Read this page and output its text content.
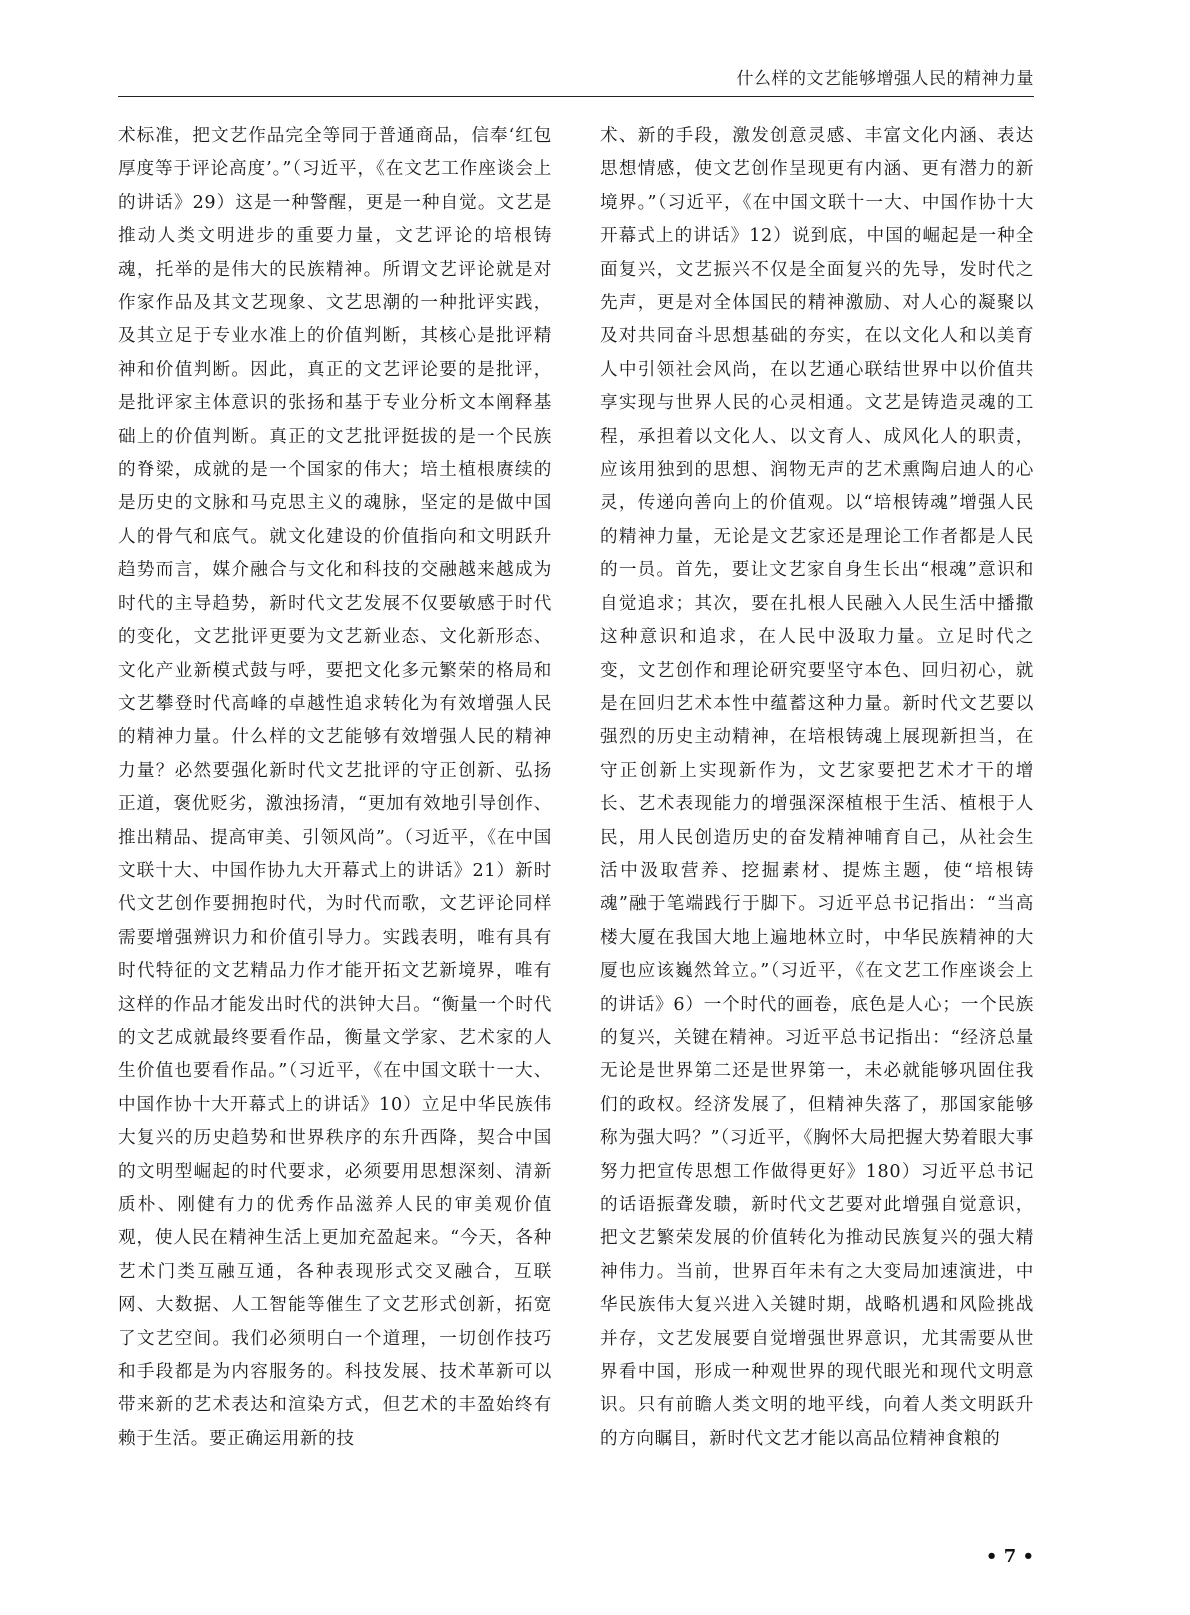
什么样的文艺能够增强人民的精神力量

术标准，把文艺作品完全等同于普通商品，信奉‘红包厚度等于评论高度’。”（习近平，《在文艺工作座谈会上的讲话》29）这是一种警醒，更是一种自觉。文艺是推动人类文明进步的重要力量，文艺评论的培根铸魂，托举的是伟大的民族精神。所谓文艺评论就是对作家作品及其文艺现象、文艺思潮的一种批评实践，及其立足于专业水准上的价值判断，其核心是批评精神和价值判断。因此，真正的文艺评论要的是批评，是批评家主体意识的张扬和基于专业分析文本阐释基础上的价值判断。真正的文艺批评挺拔的是一个民族的脊梁，成就的是一个国家的伟大；培土植根赓续的是历史的文脉和马克思主义的魂脉，坚定的是做中国人的骨气和底气。就文化建设的价值指向和文明跃升趋势而言，媒介融合与文化和科技的交融越来越成为时代的主导趋势，新时代文艺发展不仅要敏感于时代的变化，文艺批评更要为文艺新业态、文化新形态、文化产业新模式鼓与呼，要把文化多元繁荣的格局和文艺攀登时代高峰的卓越性追求转化为有效增强人民的精神力量。什么样的文艺能够有效增强人民的精神力量？必然要强化新时代文艺批评的守正创新、弘扬正道，褒优贬劣，激浊扬清，“更加有效地引导创作、推出精品、提高审美、引领风尚”。（习近平，《在中国文联十大、中国作协九大开幕式上的讲话》21）新时代文艺创作要拥抱时代，为时代而歌，文艺评论同样需要增强辨识力和价值引导力。实践表明，唯有具有时代特征的文艺精品力作才能开拓文艺新境界，唯有这样的作品才能发出时代的洪钟大吕。“衡量一个时代的文艺成就最终要看作品，衡量文学家、艺术家的人生价值也要看作品。”（习近平，《在中国文联十一大、中国作协十大开幕式上的讲话》10）立足中华民族伟大复兴的历史趋势和世界秩序的东升西降，契合中国的文明型崛起的时代要求，必须要用思想深刻、清新质朴、刚健有力的优秀作品滋养人民的审美观价值观，使人民在精神生活上更加充盈起来。“今天，各种艺术门类互融互通，各种表现形式交叉融合，互联网、大数据、人工智能等催生了文艺形式创新，拓宽了文艺空间。我们必须明白一个道理，一切创作技巧和手段都是为内容服务的。科技发展、技术革新可以带来新的艺术表达和渲染方式，但艺术的丰盈始终有赖于生活。要正确运用新的技

术、新的手段，激发创意灵感、丰富文化内涵、表达思想情感，使文艺创作呈现更有内涵、更有潜力的新境界。”（习近平，《在中国文联十一大、中国作协十大开幕式上的讲话》12）说到底，中国的崛起是一种全面复兴，文艺振兴不仅是全面复兴的先导，发时代之先声，更是对全体国民的精神激励、对人心的凝聚以及对共同奋斗思想基础的夯实，在以文化人和以美育人中引领社会风尚，在以艺通心联结世界中以价值共享实现与世界人民的心灵相通。文艺是铸造灵魂的工程，承担着以文化人、以文育人、成风化人的职责，应该用独到的思想、润物无声的艺术熏陶启迪人的心灵，传递向善向上的价值观。以“培根铸魂”增强人民的精神力量，无论是文艺家还是理论工作者都是人民的一员。首先，要让文艺家自身生长出“根魂”意识和自觉追求；其次，要在扎根人民融入人民生活中播撒这种意识和追求，在人民中汲取力量。立足时代之变，文艺创作和理论研究要坚守本色、回归初心，就是在回归艺术本性中蕴蓄这种力量。新时代文艺要以强烈的历史主动精神，在培根铸魂上展现新担当，在守正创新上实现新作为，文艺家要把艺术才干的增长、艺术表现能力的增强深深植根于生活、植根于人民，用人民创造历史的奋发精神哺育自己，从社会生活中汲取营养、挖掘素材、提炼主题，使“培根铸魂”融于笔端践行于脚下。习近平总书记指出：“当高楼大厦在我国大地上遍地林立时，中华民族精神的大厦也应该巍然耸立。”（习近平，《在文艺工作座谈会上的讲话》6）一个时代的画卷，底色是人心；一个民族的复兴，关键在精神。习近平总书记指出：“经济总量无论是世界第二还是世界第一，未必就能够巩固住我们的政权。经济发展了，但精神失落了，那国家能够称为强大吗？”（习近平，《胸怀大局把握大势着眼大事努力把宣传思想工作做得更好》180）习近平总书记的话语振聋发聩，新时代文艺要对此增强自觉意识，把文艺繁荣发展的价值转化为推动民族复兴的强大精神伟力。当前，世界百年未有之大变局加速演进，中华民族伟大复兴进入关键时期，战略机遇和风险挑战并存，文艺发展要自觉增强世界意识，尤其需要从世界看中国，形成一种观世界的现代眼光和现代文明意识。只有前瞻人类文明的地平线，向着人类文明跃升的方向瞩目，新时代文艺才能以高品位精神食粮的

• 7 •
